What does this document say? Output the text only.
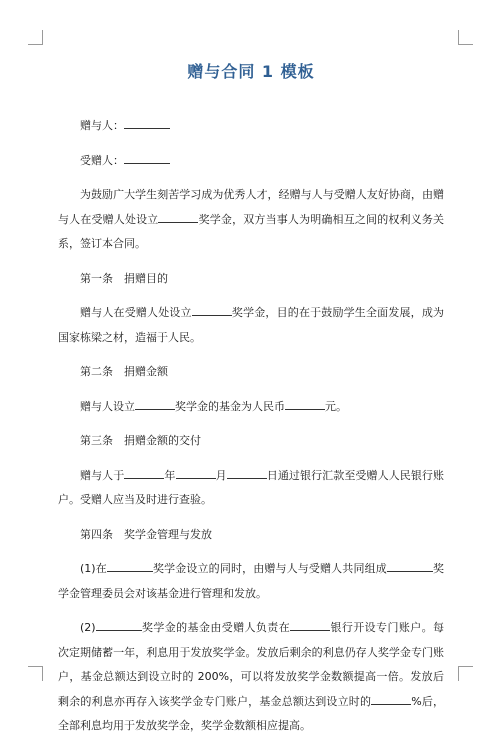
赠与合同 1 模板

赠与人：

受赠人：

为鼓励广大学生刻苦学习成为优秀人才，经赠与人与受赠人友好协商，由赠与人在受赠人处设立	奖学金，双方当事人为明确相互之间的权利义务关系，签订本合同。

第一条　捐赠目的

赠与人在受赠人处设立	奖学金，目的在于鼓励学生全面发展，成为国家栋梁之材，造福于人民。

第二条　捐赠金额

赠与人设立	奖学金的基金为人民币	元。

第三条　捐赠金额的交付

赠与人于	年	月	日通过银行汇款至受赠人人民银行账户。受赠人应当及时进行查验。

第四条　奖学金管理与发放

(1)在	奖学金设立的同时，由赠与人与受赠人共同组成	奖学金管理委员会对该基金进行管理和发放。

(2)	奖学金的基金由受赠人负责在	银行开设专门账户。每次定期储蓄一年，利息用于发放奖学金。发放后剩余的利息仍存人奖学金专门账户，基金总额达到设立时的 200%，可以将发放奖学金数额提高一倍。发放后剩余的利息亦再存入该奖学金专门账户，基金总额达到设立时的	%后，全部利息均用于发放奖学金，奖学金数额相应提高。
